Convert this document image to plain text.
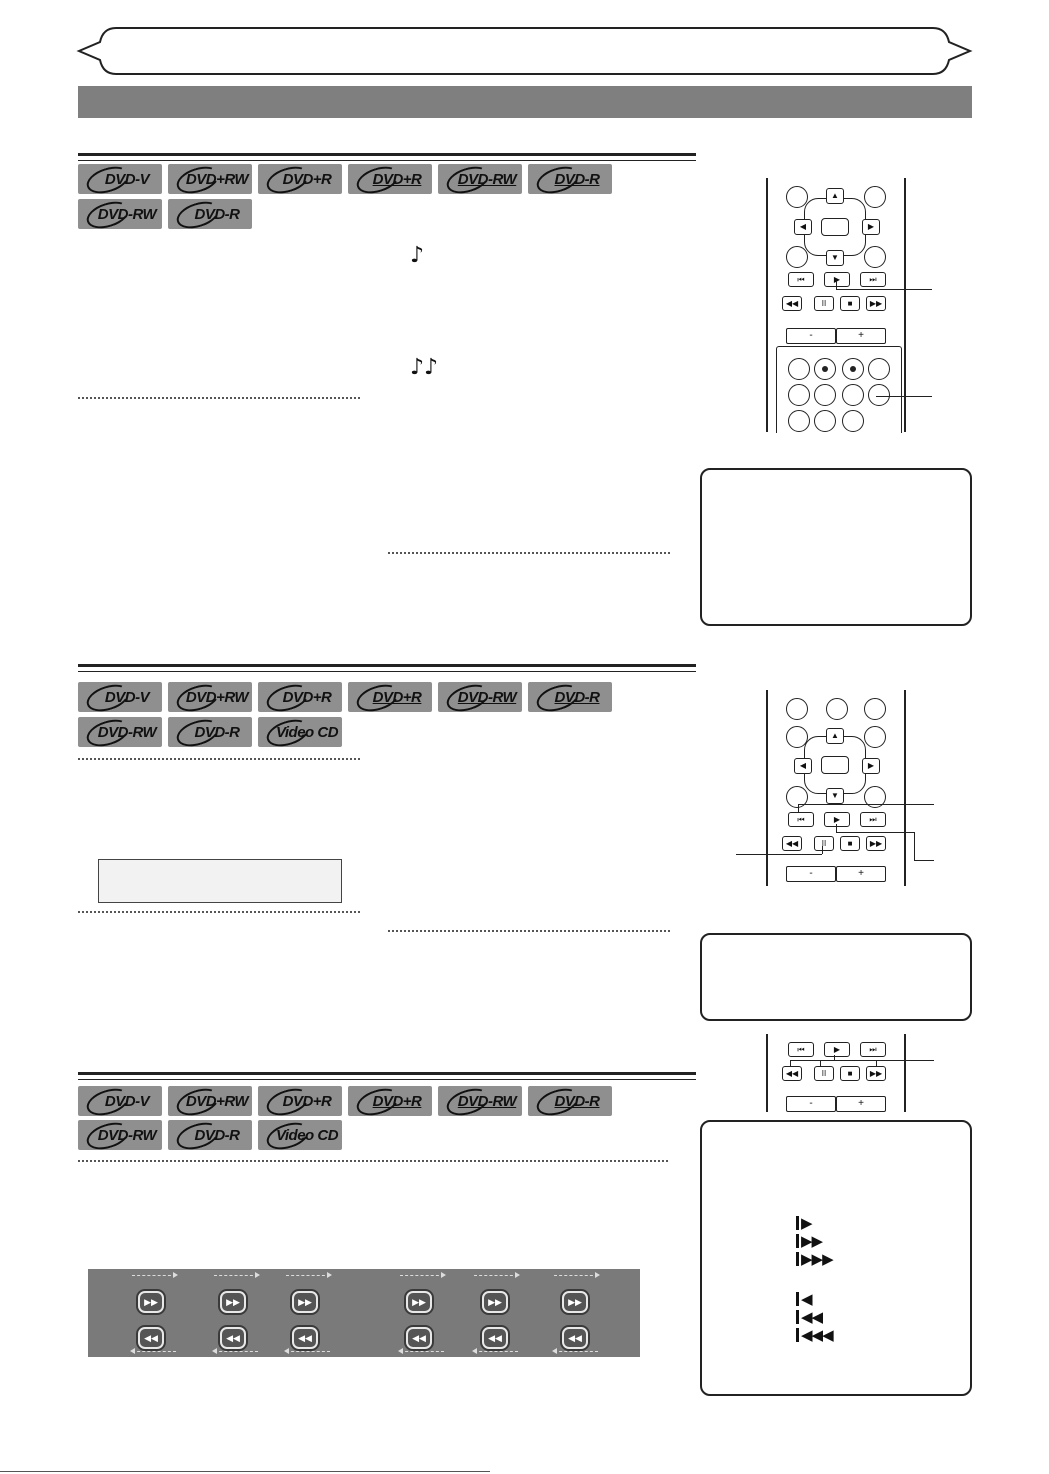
DVD-V DVD+RW DVD+R	DVD+R DVD-RW	DVD-R
DVD-RW	DVD-R
♪
♪♪
▲
▼
◀	▶
⏮	▶	⏭
◀◀	II	■	▶▶
-	+
DVD-V DVD+RW DVD+R	DVD+R DVD-RW	DVD-R
DVD-RW	DVD-R Video CD	▲
▼
◀	▶
⏮	▶	⏭
◀◀	II	■	▶▶
-	+
⏮	▶	⏭
◀◀	II	■	▶▶
-	+
▶
▶▶
▶▶▶
◀
◀◀
◀◀◀
DVD-V DVD+RW DVD+R	DVD+R DVD-RW	DVD-R
DVD-RW	DVD-R Video CD
▶▶	▶▶	▶▶	▶▶	▶▶	▶▶
◀◀	◀◀	◀◀	◀◀	◀◀	◀◀
